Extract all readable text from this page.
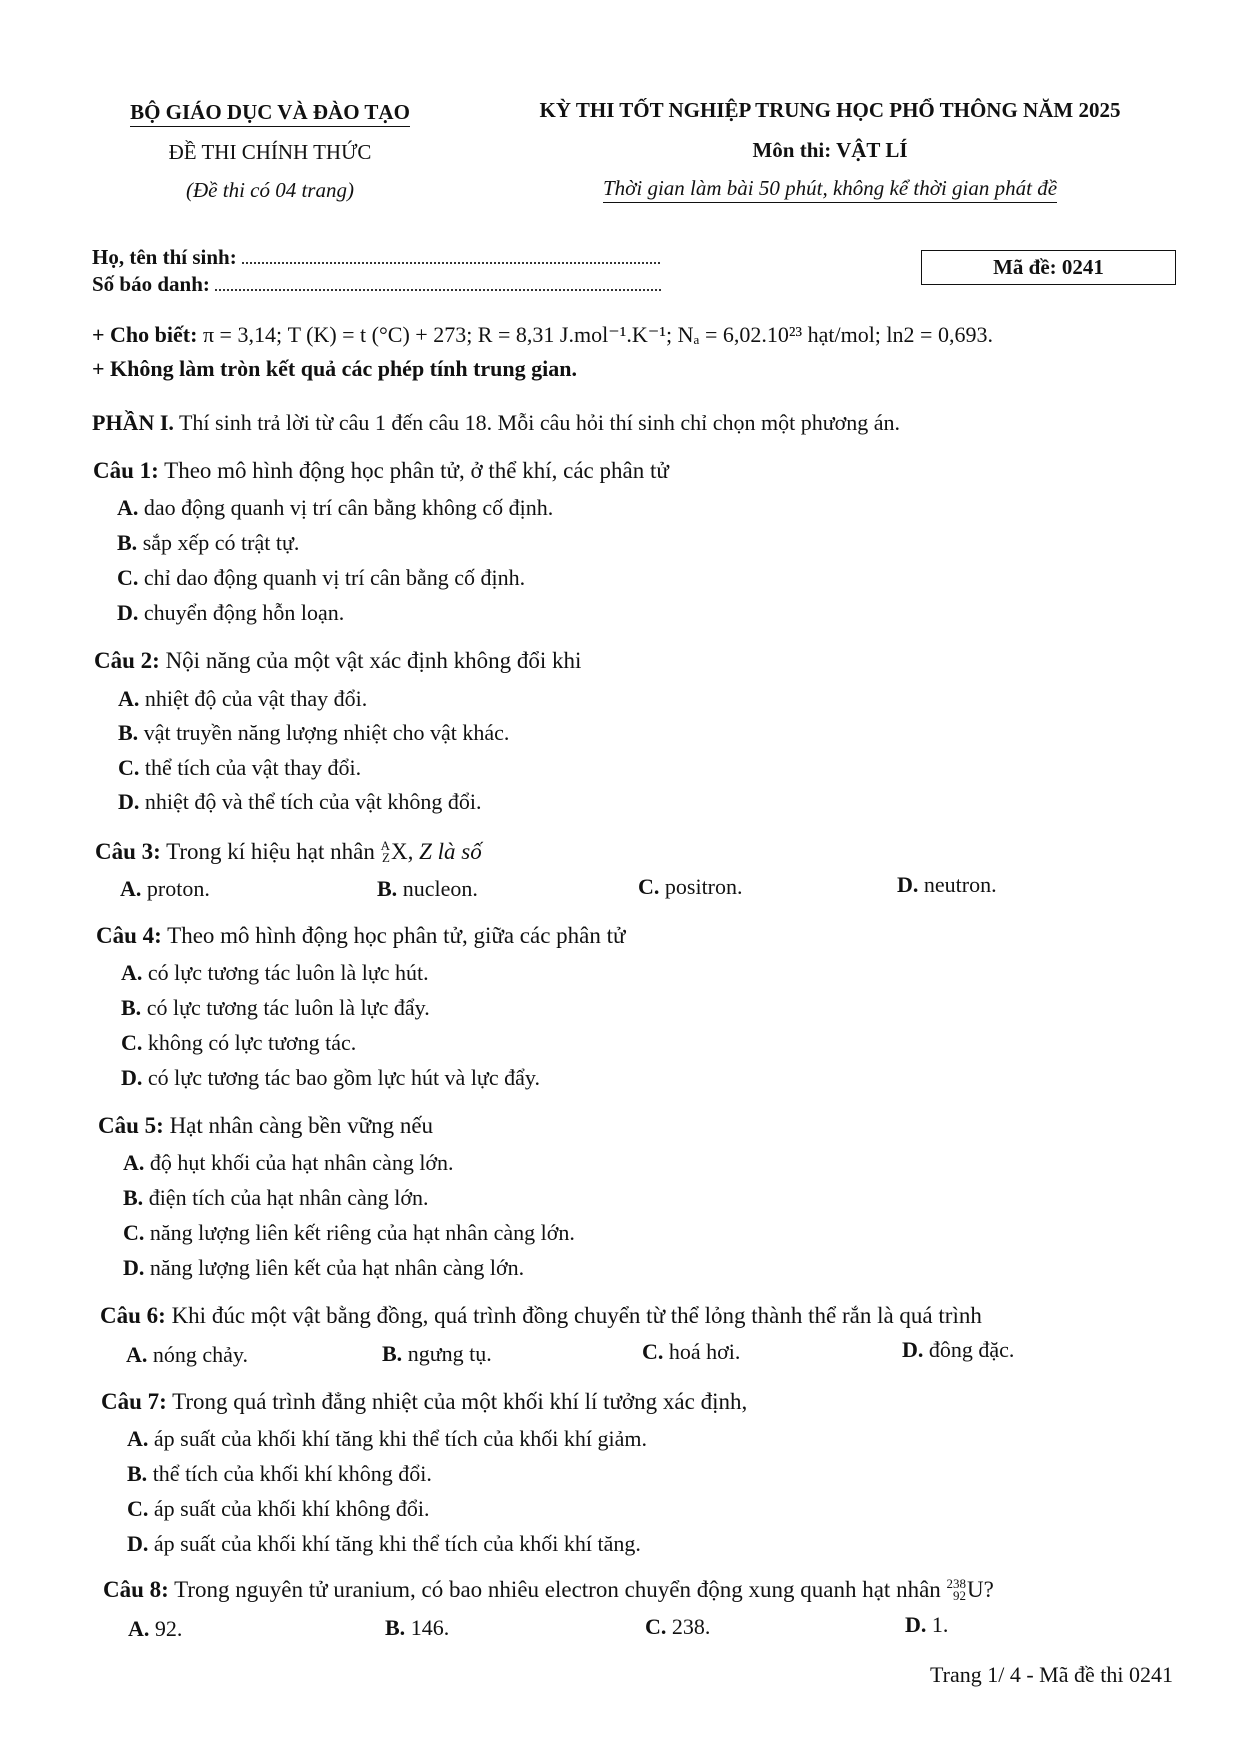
BỘ GIÁO DỤC VÀ ĐÀO TẠO
ĐỀ THI CHÍNH THỨC
(Đề thi có 04 trang)
KỲ THI TỐT NGHIỆP TRUNG HỌC PHỔ THÔNG NĂM 2025
Môn thi: VẬT LÍ
Thời gian làm bài 50 phút, không kể thời gian phát đề
Họ, tên thí sinh:
Số báo danh:
Mã đề: 0241
+ Cho biết: π = 3,14; T (K) = t (°C) + 273; R = 8,31 J.mol⁻¹.K⁻¹; Nₐ = 6,02.10²³ hạt/mol; ln2 = 0,693.
+ Không làm tròn kết quả các phép tính trung gian.
PHẦN I. Thí sinh trả lời từ câu 1 đến câu 18. Mỗi câu hỏi thí sinh chỉ chọn một phương án.
Câu 1: Theo mô hình động học phân tử, ở thể khí, các phân tử
A. dao động quanh vị trí cân bằng không cố định.
B. sắp xếp có trật tự.
C. chỉ dao động quanh vị trí cân bằng cố định.
D. chuyển động hỗn loạn.
Câu 2: Nội năng của một vật xác định không đổi khi
A. nhiệt độ của vật thay đổi.
B. vật truyền năng lượng nhiệt cho vật khác.
C. thể tích của vật thay đổi.
D. nhiệt độ và thể tích của vật không đổi.
Câu 3: Trong kí hiệu hạt nhân A
Z X, Z là số
A. proton.	B. nucleon.	C. positron.	D. neutron.
Câu 4: Theo mô hình động học phân tử, giữa các phân tử
A. có lực tương tác luôn là lực hút.
B. có lực tương tác luôn là lực đẩy.
C. không có lực tương tác.
D. có lực tương tác bao gồm lực hút và lực đẩy.
Câu 5: Hạt nhân càng bền vững nếu
A. độ hụt khối của hạt nhân càng lớn.
B. điện tích của hạt nhân càng lớn.
C. năng lượng liên kết riêng của hạt nhân càng lớn.
D. năng lượng liên kết của hạt nhân càng lớn.
Câu 6: Khi đúc một vật bằng đồng, quá trình đồng chuyển từ thể lỏng thành thể rắn là quá trình
A. nóng chảy.	B. ngưng tụ.	C. hoá hơi.	D. đông đặc.
Câu 7: Trong quá trình đẳng nhiệt của một khối khí lí tưởng xác định,
A. áp suất của khối khí tăng khi thể tích của khối khí giảm.
B. thể tích của khối khí không đổi.
C. áp suất của khối khí không đổi.
D. áp suất của khối khí tăng khi thể tích của khối khí tăng.
Câu 8: Trong nguyên tử uranium, có bao nhiêu electron chuyển động xung quanh hạt nhân 238
92 U?
A. 92.	B. 146.	C. 238.	D. 1.
Trang 1/ 4 - Mã đề thi 0241
